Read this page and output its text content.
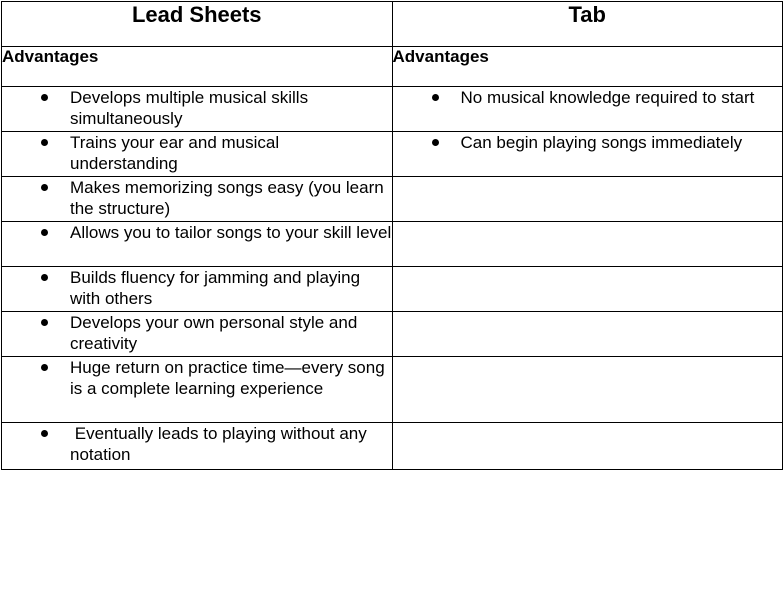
Lead Sheets	Tab
Advantages	Advantages

Develops multiple musical skills simultaneously	No musical knowledge required to start

Trains your ear and musical understanding	Can begin playing songs immediately

Makes memorizing songs easy (you learn the structure)	

Allows you to tailor songs to your skill level	

Builds fluency for jamming and playing with others	

Develops your own personal style and creativity	

Huge return on practice time—every song is a complete learning experience	

Eventually leads to playing without any notation	
